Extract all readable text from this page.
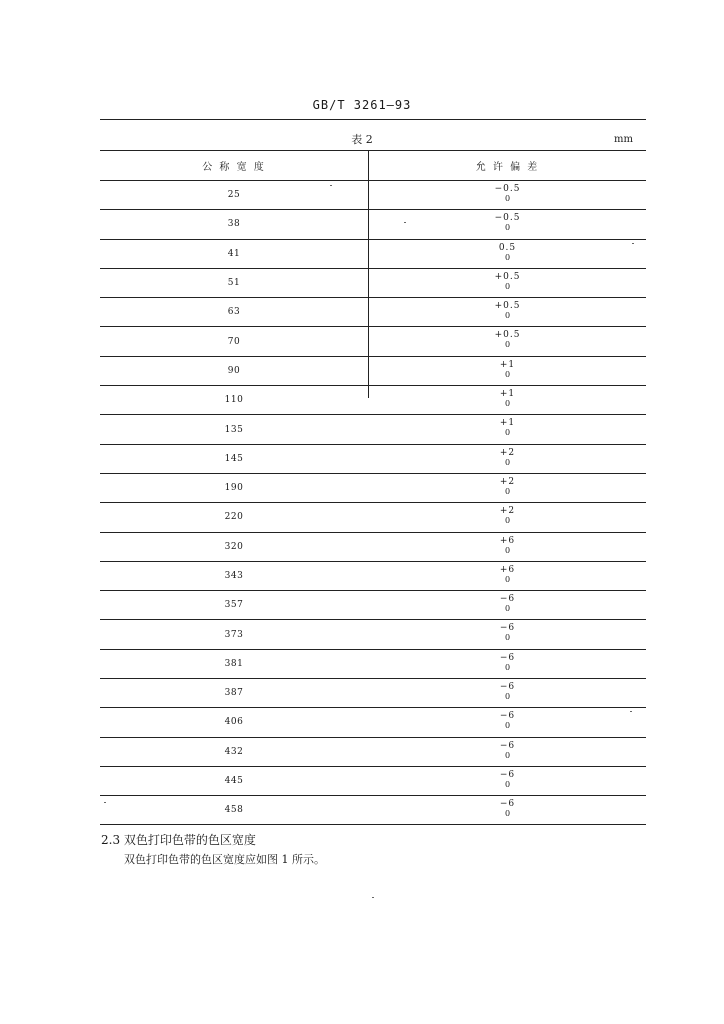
GB/T 3261—93
表 2	mm
公 称 宽 度	允 许 偏 差
25
−0.5
0
38
−0.5
0
41
0.5
0
51
+0.5
0
63
+0.5
0
70
+0.5
0
90
+1
0
110
+1
0
135
+1
0
145
+2
0
190
+2
0
220
+2
0
320
+6
0
343
+6
0
357
−6
0
373
−6
0
381
−6
0
387
−6
0
406
−6
0
432
−6
0
445
−6
0
458
−6
0
2.3 双色打印色带的色区宽度
双色打印色带的色区宽度应如图 1 所示。
